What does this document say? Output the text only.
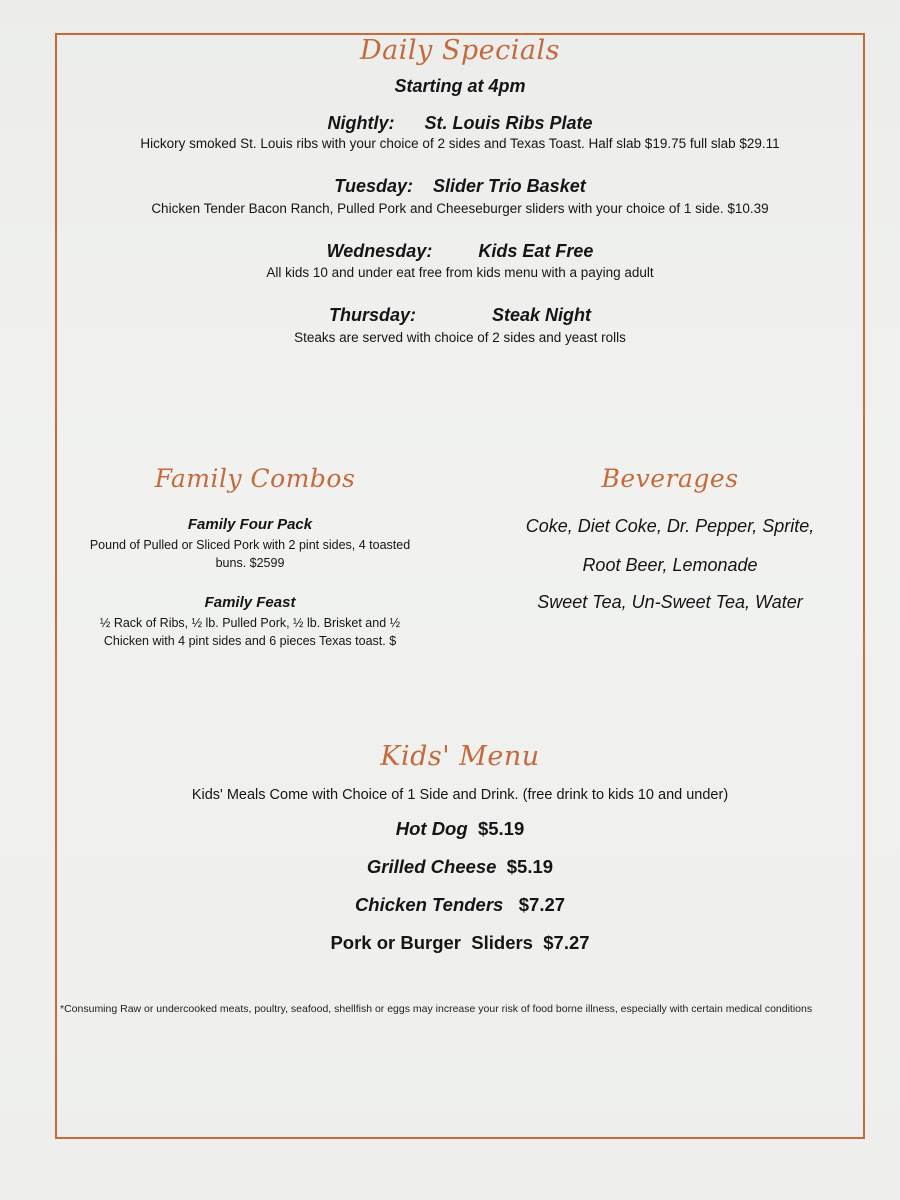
Daily Specials
Starting at 4pm
Nightly: St. Louis Ribs Plate
Hickory smoked St. Louis ribs with your choice of 2 sides and Texas Toast. Half slab $19.75 full slab $29.11
Tuesday: Slider Trio Basket
Chicken Tender Bacon Ranch, Pulled Pork and Cheeseburger sliders with your choice of 1 side. $10.39
Wednesday:	Kids Eat Free
All kids 10 and under eat free from kids menu with a paying adult
Thursday:	Steak Night
Steaks are served with choice of 2 sides and yeast rolls
Family Combos
Family Four Pack
Pound of Pulled or Sliced Pork with 2 pint sides, 4 toasted
buns. $2599
Family Feast
½ Rack of Ribs, ½ lb. Pulled Pork, ½ lb. Brisket and ½
Chicken with 4 pint sides and 6 pieces Texas toast. $
Beverages
Coke, Diet Coke, Dr. Pepper, Sprite,
Root Beer, Lemonade
Sweet Tea, Un-Sweet Tea, Water
Kids' Menu
Kids' Meals Come with Choice of 1 Side and Drink. (free drink to kids 10 and under)
Hot Dog $5.19
Grilled Cheese $5.19
Chicken Tenders $7.27
Pork or Burger  Sliders $7.27
*Consuming Raw or undercooked meats, poultry, seafood, shellfish or eggs may increase your risk of food borne illness, especially with certain medical conditions
